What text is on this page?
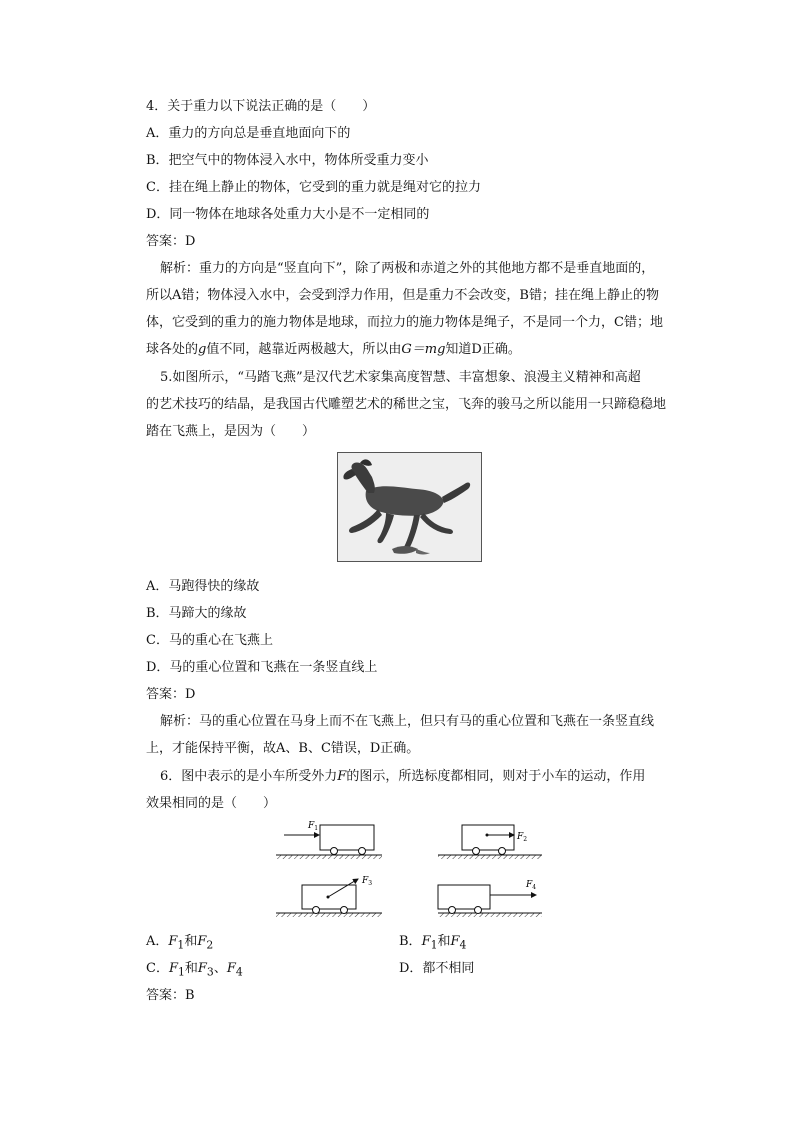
4．关于重力以下说法正确的是（　　）
A．重力的方向总是垂直地面向下的
B．把空气中的物体浸入水中，物体所受重力变小
C．挂在绳上静止的物体，它受到的重力就是绳对它的拉力
D．同一物体在地球各处重力大小是不一定相同的
答案：D
解析：重力的方向是“竖直向下”，除了两极和赤道之外的其他地方都不是垂直地面的，
所以A错；物体浸入水中，会受到浮力作用，但是重力不会改变，B错；挂在绳上静止的物
体，它受到的重力的施力物体是地球，而拉力的施力物体是绳子，不是同一个力，C错；地
球各处的g值不同，越靠近两极越大，所以由G＝mg知道D正确。
5.如图所示，“马踏飞燕”是汉代艺术家集高度智慧、丰富想象、浪漫主义精神和高超
的艺术技巧的结晶，是我国古代雕塑艺术的稀世之宝，飞奔的骏马之所以能用一只蹄稳稳地
踏在飞燕上，是因为（　　）
A．马跑得快的缘故
B．马蹄大的缘故
C．马的重心在飞燕上
D．马的重心位置和飞燕在一条竖直线上
答案：D
解析：马的重心位置在马身上而不在飞燕上，但只有马的重心位置和飞燕在一条竖直线
上，才能保持平衡，故A、B、C错误，D正确。
6．图中表示的是小车所受外力F的图示，所选标度都相同，则对于小车的运动，作用
效果相同的是（　　）
$F_1$
$F_2$
$F_3$	$F_4$
A．$F_1$和$F_2$	B．$F_1$和$F_4$
C．$F_1$和$F_3$、$F_4$	D．都不相同
答案：B
